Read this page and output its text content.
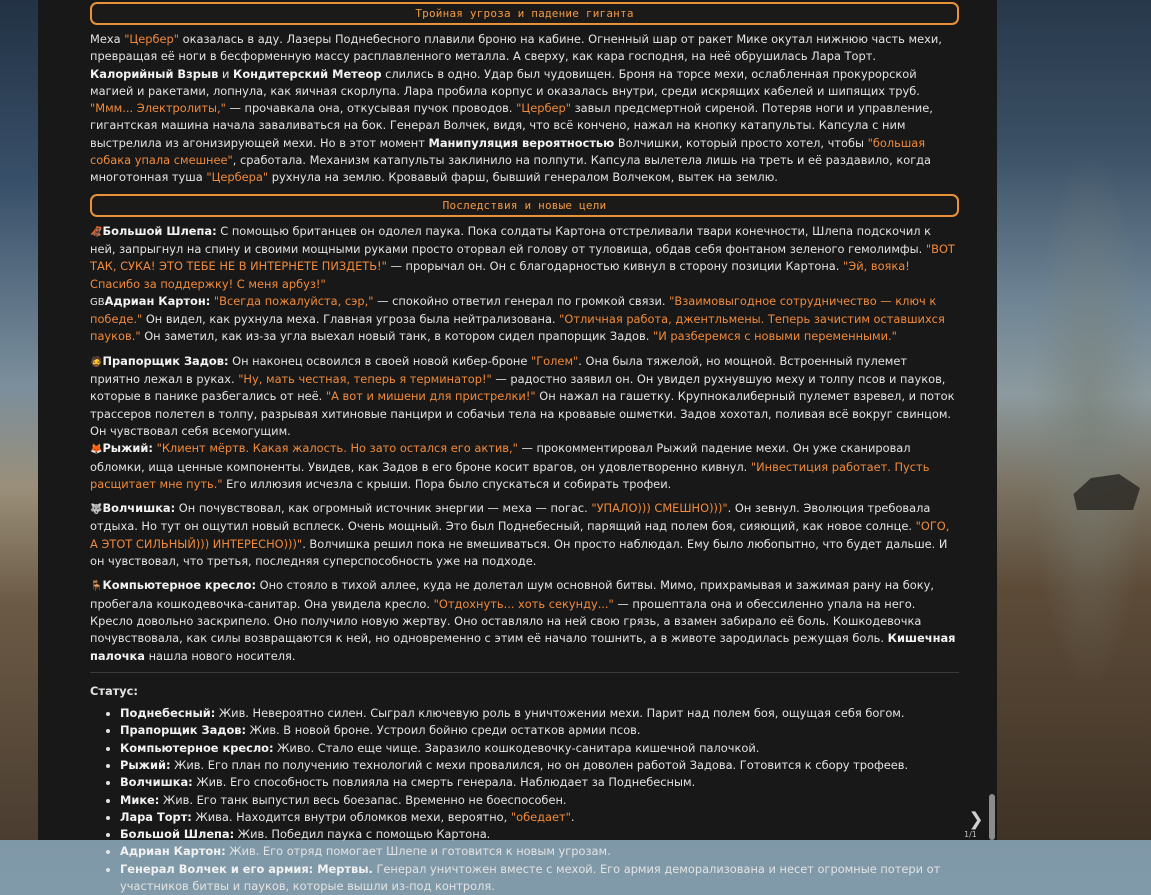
Тройная угроза и падение гиганта

Меха "Цербер" оказалась в аду. Лазеры Поднебесного плавили броню на кабине. Огненный шар от ракет Мике окутал нижнюю часть мехи, превращая её ноги в бесформенную массу расплавленного металла. А сверху, как кара господня, на неё обрушилась Лара Торт. Калорийный Взрыв и Кондитерский Метеор слились в одно. Удар был чудовищен. Броня на торсе мехи, ослабленная прокурорской магией и ракетами, лопнула, как яичная скорлупа. Лара пробила корпус и оказалась внутри, среди искрящих кабелей и шипящих труб. "Ммм... Электролиты," — прочавкала она, откусывая пучок проводов. "Цербер" завыл предсмертной сиреной. Потеряв ноги и управление, гигантская машина начала заваливаться на бок. Генерал Волчек, видя, что всё кончено, нажал на кнопку катапульты. Капсула с ним выстрелила из агонизирующей мехи. Но в этот момент Манипуляция вероятностью Волчишки, который просто хотел, чтобы "большая собака упала смешнее", сработала. Механизм катапульты заклинило на полпути. Капсула вылетела лишь на треть и её раздавило, когда многотонная туша "Цербера" рухнула на землю. Кровавый фарш, бывший генералом Волчеком, вытек на землю.

Последствия и новые цели

🦧Большой Шлепа: С помощью британцев он одолел паука. Пока солдаты Картона отстреливали твари конечности, Шлепа подскочил к ней, запрыгнул на спину и своими мощными руками просто оторвал ей голову от туловища, обдав себя фонтаном зеленого гемолимфы. "ВОТ ТАК, СУКА! ЭТО ТЕБЕ НЕ В ИНТЕРНЕТЕ ПИЗДЕТЬ!" — прорычал он. Он с благодарностью кивнул в сторону позиции Картона. "Эй, вояка! Спасибо за поддержку! С меня арбуз!"
GBАдриан Картон: "Всегда пожалуйста, сэр," — спокойно ответил генерал по громкой связи. "Взаимовыгодное сотрудничество — ключ к победе." Он видел, как рухнула меха. Главная угроза была нейтрализована. "Отличная работа, джентльмены. Теперь зачистим оставшихся пауков." Он заметил, как из-за угла выехал новый танк, в котором сидел прапорщик Задов. "И разберемся с новыми переменными."

🧔Прапорщик Задов: Он наконец освоился в своей новой кибер-броне "Голем". Она была тяжелой, но мощной. Встроенный пулемет приятно лежал в руках. "Ну, мать честная, теперь я терминатор!" — радостно заявил он. Он увидел рухнувшую меху и толпу псов и пауков, которые в панике разбегались от неё. "А вот и мишени для пристрелки!" Он нажал на гашетку. Крупнокалиберный пулемет взревел, и поток трассеров полетел в толпу, разрывая хитиновые панцири и собачьи тела на кровавые ошметки. Задов хохотал, поливая всё вокруг свинцом. Он чувствовал себя всемогущим.
🦊Рыжий: "Клиент мёртв. Какая жалость. Но зато остался его актив," — прокомментировал Рыжий падение мехи. Он уже сканировал обломки, ища ценные компоненты. Увидев, как Задов в его броне косит врагов, он удовлетворенно кивнул. "Инвестиция работает. Пусть расщитает мне путь." Его иллюзия исчезла с крыши. Пора было спускаться и собирать трофеи.

🐺Волчишка: Он почувствовал, как огромный источник энергии — меха — погас. "УПАЛО))) СМЕШНО)))". Он зевнул. Эволюция требовала отдыха. Но тут он ощутил новый всплеск. Очень мощный. Это был Поднебесный, парящий над полем боя, сияющий, как новое солнце. "ОГО, А ЭТОТ СИЛЬНЫЙ))) ИНТЕРЕСНО)))". Волчишка решил пока не вмешиваться. Он просто наблюдал. Ему было любопытно, что будет дальше. И он чувствовал, что третья, последняя суперспособность уже на подходе.

🪑Компьютерное кресло: Оно стояло в тихой аллее, куда не долетал шум основной битвы. Мимо, прихрамывая и зажимая рану на боку, пробегала кошкодевочка-санитар. Она увидела кресло. "Отдохнуть... хоть секунду..." — прошептала она и обессиленно упала на него. Кресло довольно заскрипело. Оно получило новую жертву. Оно оставляло на ней свою грязь, а взамен забирало её боль. Кошкодевочка почувствовала, как силы возвращаются к ней, но одновременно с этим её начало тошнить, а в животе зародилась режущая боль. Кишечная палочка нашла нового носителя.

Статус:
• Поднебесный: Жив. Невероятно силен. Сыграл ключевую роль в уничтожении мехи. Парит над полем боя, ощущая себя богом.
• Прапорщик Задов: Жив. В новой броне. Устроил бойню среди остатков армии псов.
• Компьютерное кресло: Живо. Стало еще чище. Заразило кошкодевочку-санитара кишечной палочкой.
• Рыжий: Жив. Его план по получению технологий с мехи провалился, но он доволен работой Задова. Готовится к сбору трофеев.
• Волчишка: Жив. Его способность повлияла на смерть генерала. Наблюдает за Поднебесным.
• Мике: Жив. Его танк выпустил весь боезапас. Временно не боеспособен.
• Лара Торт: Жива. Находится внутри обломков мехи, вероятно, "обедает".
• Большой Шлепа: Жив. Победил паука с помощью Картона.
• Адриан Картон: Жив. Его отряд помогает Шлепе и готовится к новым угрозам.
• Генерал Волчек и его армия: Мертвы. Генерал уничтожен вместе с мехой. Его армия деморализована и несет огромные потери от участников битвы и пауков, которые вышли из-под контроля.
❯
1/1
